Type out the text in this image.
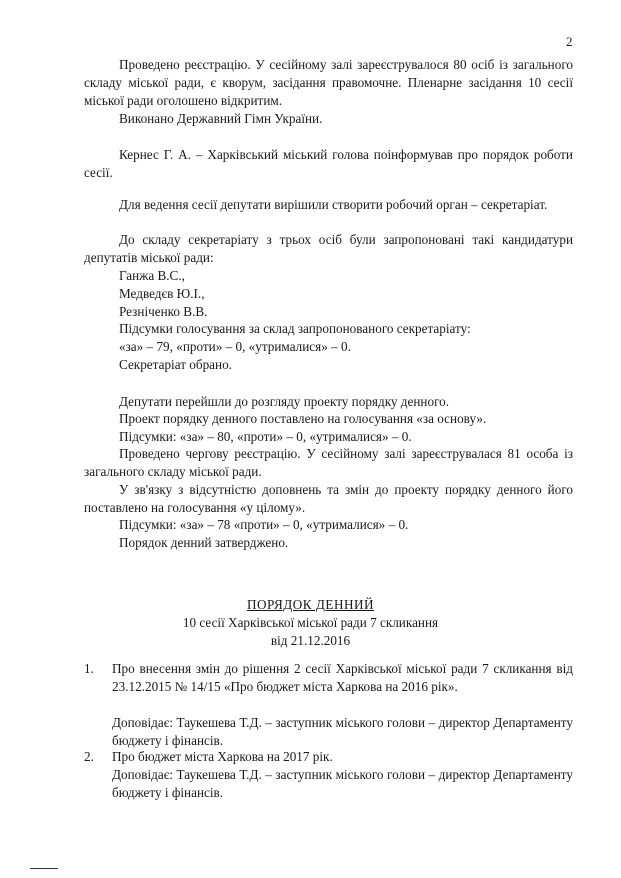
2
Проведено реєстрацію. У сесійному залі зареєструвалося 80 осіб із загального складу міської ради, є кворум, засідання правомочне. Пленарне засідання 10 сесії міської ради оголошено відкритим.
Виконано Державний Гімн України.
Кернес Г. А. – Харківський міський голова поінформував про порядок роботи сесії.
Для ведення сесії депутати вирішили створити робочий орган – секретаріат.
До складу секретаріату з трьох осіб були запропоновані такі кандидатури депутатів міської ради:
Ганжа В.С.,
Медведєв Ю.І.,
Резніченко В.В.
Підсумки голосування за склад запропонованого секретаріату:
«за» – 79, «проти» – 0, «утрималися» – 0.
Секретаріат обрано.
Депутати перейшли до розгляду проекту порядку денного.
Проект порядку денного поставлено на голосування «за основу».
Підсумки: «за» – 80, «проти» – 0, «утрималися» – 0.
Проведено чергову реєстрацію. У сесійному залі зареєструвалася 81 особа із загального складу міської ради.
У зв'язку з відсутністю доповнень та змін до проекту порядку денного його поставлено на голосування «у цілому».
Підсумки: «за» – 78 «проти» – 0, «утрималися» – 0.
Порядок денний затверджено.
ПОРЯДОК ДЕННИЙ
10 сесії Харківської міської ради 7 скликання
від 21.12.2016
1. Про внесення змін до рішення 2 сесії Харківської міської ради 7 скликання від 23.12.2015 № 14/15 «Про бюджет міста Харкова на 2016 рік».
Доповідає: Таукешева Т.Д. – заступник міського голови – директор Департаменту бюджету і фінансів.
2. Про бюджет міста Харкова на 2017 рік.
Доповідає: Таукешева Т.Д. – заступник міського голови – директор Департаменту бюджету і фінансів.
